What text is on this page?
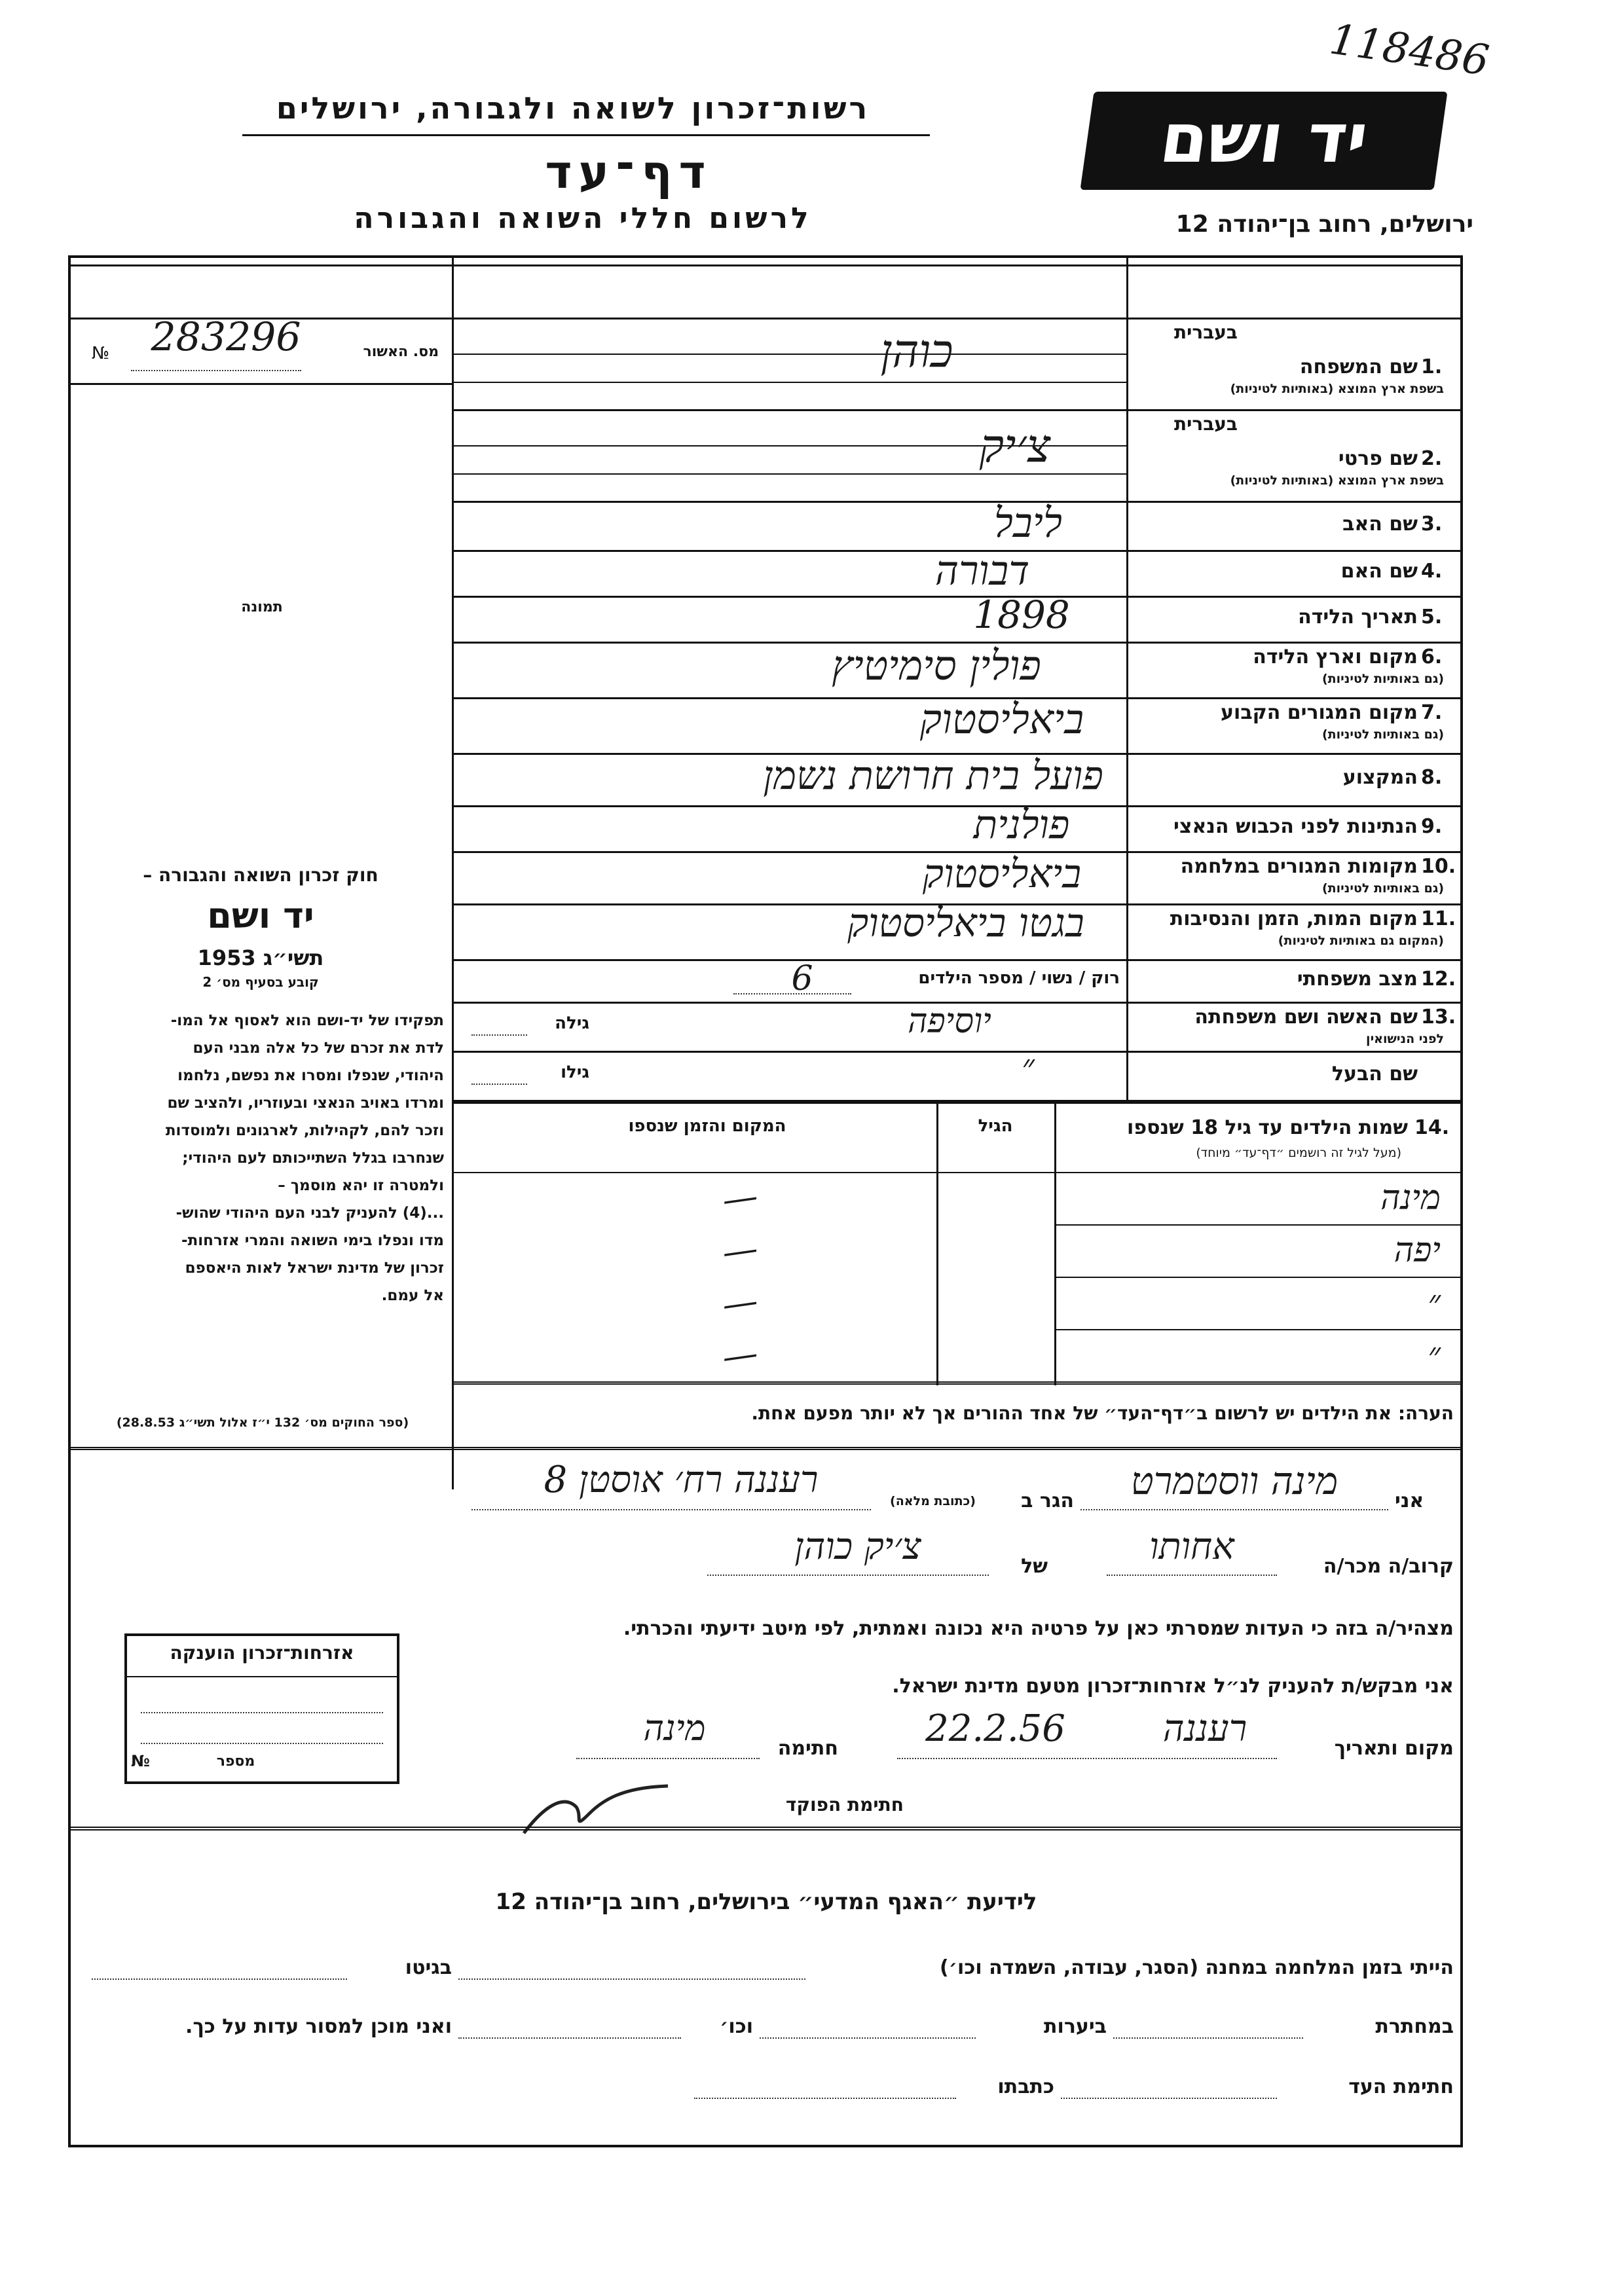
118486
יד ושם
רשות־זכרון לשואה ולגבורה, ירושלים
דף־עד
לרשום חללי השואה והגבורה	ירושלים, רחוב בן־יהודה 12
מס. האשור
283296
№
תמונה
חוק זכרון השואה והגבורה –
יד ושם
תשי״ג 1953
קובע בסעיף מס׳ 2
תפקידו של יד-ושם הוא לאסוף אל המו-
לדת את זכרם של כל אלה מבני העם
היהודי, שנפלו ומסרו את נפשם, נלחמו
ומרדו באויב הנאצי ובעוזריו, ולהציב שם
וזכר להם, לקהילות, לארגונים ולמוסדות
שנחרבו בגלל השתייכותם לעם היהודי;
ולמטרה זו יהא מוסמך –
...(4) להעניק לבני העם היהודי שהוש-
מדו ונפלו בימי השואה והמרי אזרחות-
זכרון של מדינת ישראל לאות היאספם
אל עמם.
(ספר החוקים מס׳ 132 י״ז אלול תשי״ג 28.8.53)
בעברית
1.
שם המשפחה
בשפת ארץ המוצא (באותיות לטיניות)
כוהן
בעברית
2.
שם פרטי
בשפת ארץ המוצא (באותיות לטיניות)
צ׳יק
3.
שם האב
ליבל
4.
שם האם
דבורה
5.
תאריך הלידה
1898
6.
מקום וארץ הלידה
(גם באותיות לטיניות)
פולין סימיטיץ
7.
מקום המגורים הקבוע
(גם באותיות לטיניות)
ביאליסטוק
8.
המקצוע
פועל בית חרושת נשמן
9.
הנתינות לפני הכבוש הנאצי
פולנית
10.
מקומות המגורים במלחמה
(גם באותיות לטיניות)
ביאליסטוק
11.
מקום המות, הזמן והנסיבות
(המקום גם באותיות לטיניות)
בגטו ביאליסטוק
12.
מצב משפחתי
רוק / נשוי / מספר הילדים
6
13.
שם האשה ושם משפחתה
לפני הנישואין
יוסיפה
גילה
שם הבעל
״
גילו
14.
שמות הילדים עד גיל 18 שנספו
(מעל לגיל זה רושמים ״דף־עד״ מיוחד)
הגיל
המקום והזמן שנספו
מינה
—
יפה
—
״
—
״
—
הערה: את הילדים יש לרשום ב״דף־העד״ של אחד ההורים אך לא יותר מפעם אחת.
אני
מינה ווסטמרט
הגר ב
(כתובת מלאה)
רעננה רח׳ אוסטן 8
קרוב/ה מכר/ה
אחותו
של
צ׳יק כוהן
מצהיר/ה בזה כי העדות שמסרתי כאן על פרטיה היא נכונה ואמתית, לפי מיטב ידיעתי והכרתי.
אני מבקש/ת להעניק לנ״ל אזרחות־זכרון מטעם מדינת ישראל.
מקום ותאריך
רעננה
22.2.56
חתימה
מינה
חתימת הפוקד
אזרחות־זכרון הוענקה
מספר
№
לידיעת ״האגף המדעי״ בירושלים, רחוב בן־יהודה 12
הייתי בזמן המלחמה במחנה (הסגר, עבודה, השמדה וכו׳)
בגיטו
במחתרת
ביערות
וכו׳
ואני מוכן למסור עדות על כך.
חתימת העד
כתבתו
